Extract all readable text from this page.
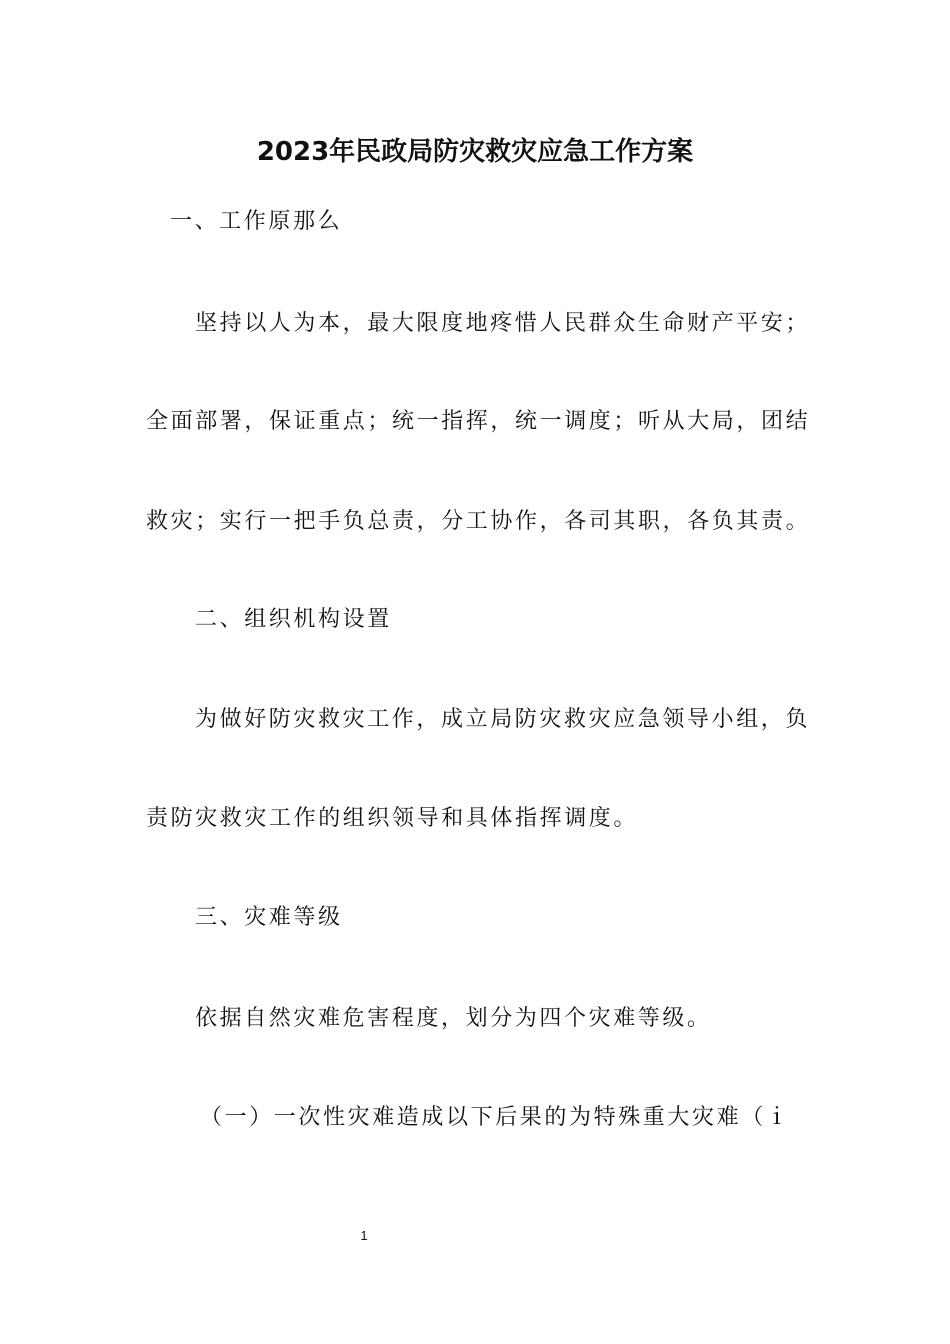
2023年民政局防灾救灾应急工作方案
一、工作原那么
坚持以人为本，最大限度地疼惜人民群众生命财产平安；
全面部署，保证重点；统一指挥，统一调度；听从大局，团结
救灾；实行一把手负总责，分工协作，各司其职，各负其责。
二、组织机构设置
为做好防灾救灾工作，成立局防灾救灾应急领导小组，负
责防灾救灾工作的组织领导和具体指挥调度。
三、灾难等级
依据自然灾难危害程度，划分为四个灾难等级。
（一）一次性灾难造成以下后果的为特殊重大灾难（ｉ
1
